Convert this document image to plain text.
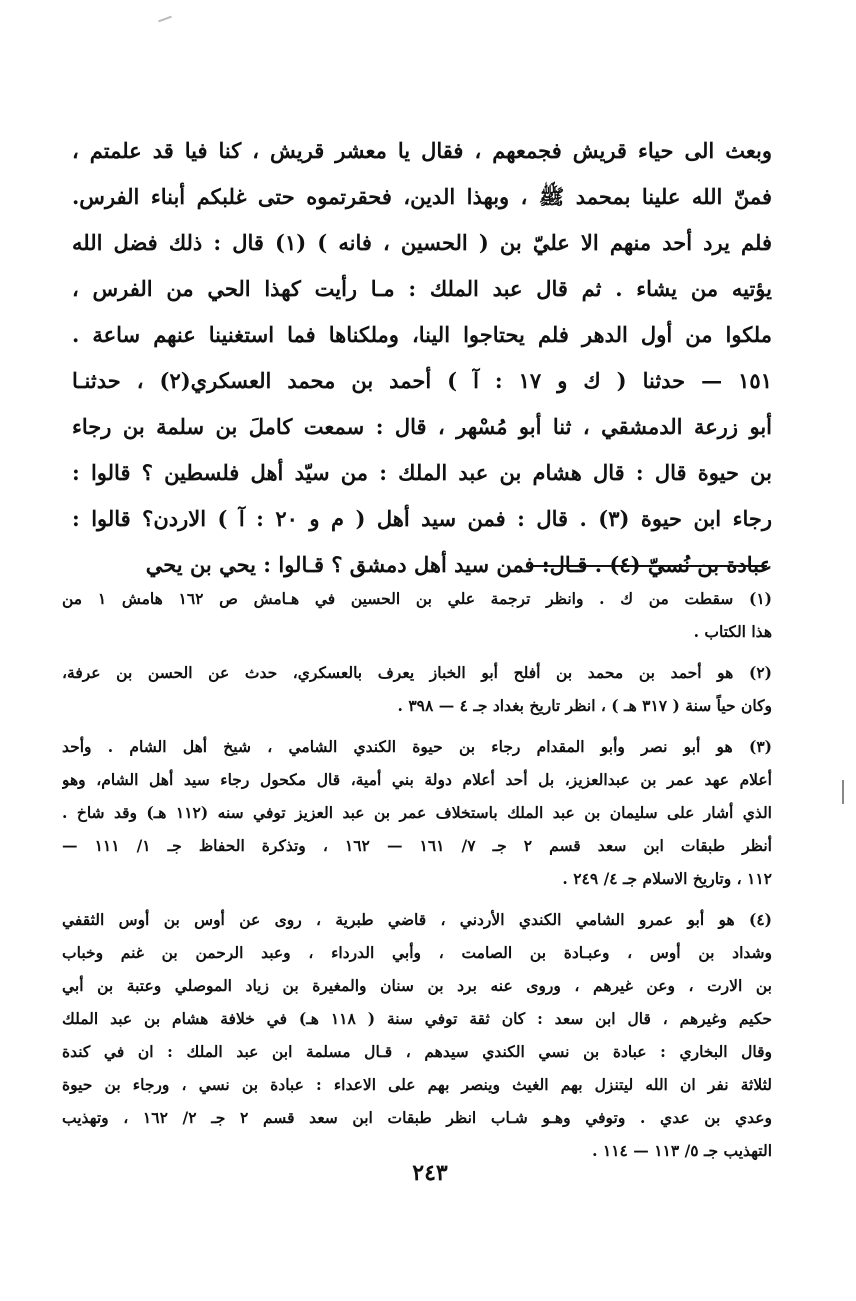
وبعث الى حياء قريش فجمعهم ، فقال يا معشر قريش ، كنا فيا قد علمتم ،
فمنّ الله علينا بمحمد ﷺ ، وبهذا الدين، فحقرتموه حتى غلبكم أبناء الفرس.
فلم يرد أحد منهم الا عليّ بن ( الحسين ، فانه ) (١) قال : ذلك فضل الله
يؤتيه من يشاء . ثم قال عبد الملك : مـا رأيت كهذا الحي من الفرس ،
ملكوا من أول الدهر فلم يحتاجوا الينا، وملكناها فما استغنينا عنهم ساعة .
١٥١ — حدثنا ( ك و ١٧ : آ ) أحمد بن محمد العسكري(٢) ، حدثنـا
أبو زرعة الدمشقي ، ثنا أبو مُسْهر ، قال : سمعت كاملَ بن سلمة بن رجاء
بن حيوة قال : قال هشام بن عبد الملك : من سيّد أهل فلسطين ؟ قالوا :
رجاء ابن حيوة (٣) . قال : فمن سيد أهل ( م و ٢٠ : آ ) الاردن؟ قالوا :
عبادة بن نُسيّ (٤) . قـال: فمن سيد أهل دمشق ؟ قـالوا : يحي بن يحي
(١) سقطت من ك . وانظر ترجمة علي بن الحسين في هـامش ص ١٦٢ هامش ١ من
هذا الكتاب .
(٢) هو أحمد بن محمد بن أفلح أبو الخباز يعرف بالعسكري، حدث عن الحسن بن عرفة،
وكان حياً سنة ( ٣١٧ هـ ) ، انظر تاريخ بغداد جـ ٤ — ٣٩٨ .
(٣) هو أبو نصر وأبو المقدام رجاء بن حيوة الكندي الشامي ، شيخ أهل الشام . وأحد
أعلام عهد عمر بن عبدالعزيز، بل أحد أعلام دولة بني أمية، قال مكحول رجاء سيد أهل الشام، وهو
الذي أشار على سليمان بن عبد الملك باستخلاف عمر بن عبد العزيز توفي سنه (١١٢ هـ) وقد شاخ .
أنظر طبقات ابن سعد قسم ٢ جـ ٧/ ١٦١ — ١٦٢ ، وتذكرة الحفاظ جـ ١/ ١١١ —
١١٢ ، وتاريخ الاسلام جـ ٤/ ٢٤٩ .
(٤) هو أبو عمرو الشامي الكندي الأردني ، قاضي طبرية ، روى عن أوس بن أوس الثقفي
وشداد بن أوس ، وعبـادة بن الصامت ، وأبي الدرداء ، وعبد الرحمن بن غنم وخباب
بن الارت ، وعن غيرهم ، وروى عنه برد بن سنان والمغيرة بن زياد الموصلي وعتبة بن أبي
حكيم وغيرهم ، قال ابن سعد : كان ثقة توفي سنة ( ١١٨ هـ) في خلافة هشام بن عبد الملك
وقال البخاري : عبادة بن نسي الكندي سيدهم ، قـال مسلمة ابن عبد الملك : ان في كندة
لثلاثة نفر ان الله ليتنزل بهم الغيث وينصر بهم على الاعداء : عبادة بن نسي ، ورجاء بن حيوة
وعدي بن عدي . وتوفي وهـو شـاب انظر طبقات ابن سعد قسم ٢ جـ ٢/ ١٦٢ ، وتهذيب
التهذيب جـ ٥/ ١١٣ — ١١٤ .
٢٤٣
